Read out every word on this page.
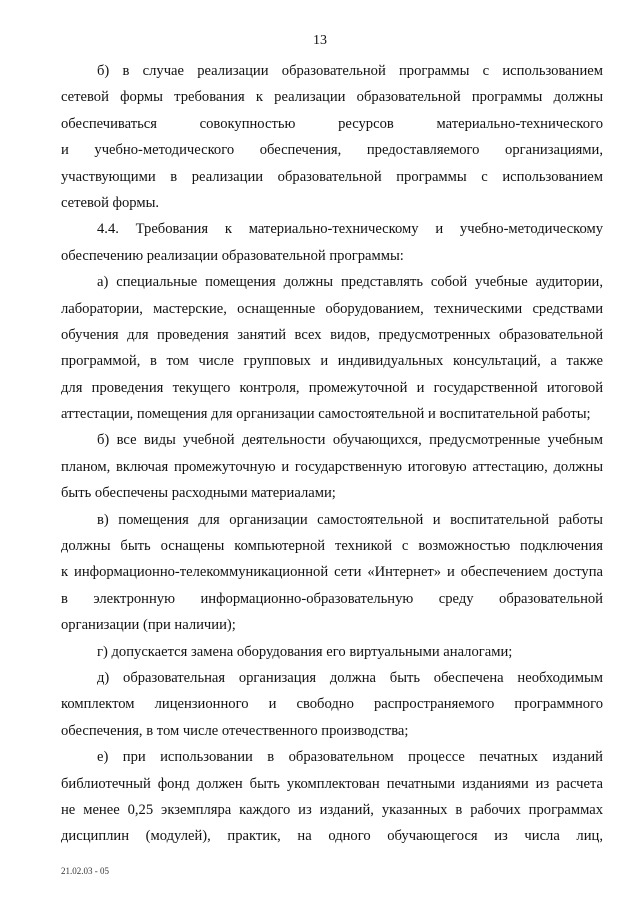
13
б) в случае реализации образовательной программы с использованием
сетевой формы требования к реализации образовательной программы должны
обеспечиваться совокупностью ресурсов материально-технического
и учебно-методического обеспечения, предоставляемого организациями,
участвующими в реализации образовательной программы с использованием
сетевой формы.
4.4. Требования к материально-техническому и учебно-методическому
обеспечению реализации образовательной программы:
а) специальные помещения должны представлять собой учебные аудитории,
лаборатории, мастерские, оснащенные оборудованием, техническими средствами
обучения для проведения занятий всех видов, предусмотренных образовательной
программой, в том числе групповых и индивидуальных консультаций, а также
для проведения текущего контроля, промежуточной и государственной итоговой
аттестации, помещения для организации самостоятельной и воспитательной работы;
б) все виды учебной деятельности обучающихся, предусмотренные учебным
планом, включая промежуточную и государственную итоговую аттестацию, должны
быть обеспечены расходными материалами;
в) помещения для организации самостоятельной и воспитательной работы
должны быть оснащены компьютерной техникой с возможностью подключения
к информационно-телекоммуникационной сети «Интернет» и обеспечением доступа
в электронную информационно-образовательную среду образовательной
организации (при наличии);
г) допускается замена оборудования его виртуальными аналогами;
д) образовательная организация должна быть обеспечена необходимым
комплектом лицензионного и свободно распространяемого программного
обеспечения, в том числе отечественного производства;
е) при использовании в образовательном процессе печатных изданий
библиотечный фонд должен быть укомплектован печатными изданиями из расчета
не менее 0,25 экземпляра каждого из изданий, указанных в рабочих программах
дисциплин (модулей), практик, на одного обучающегося из числа лиц,
21.02.03 - 05
